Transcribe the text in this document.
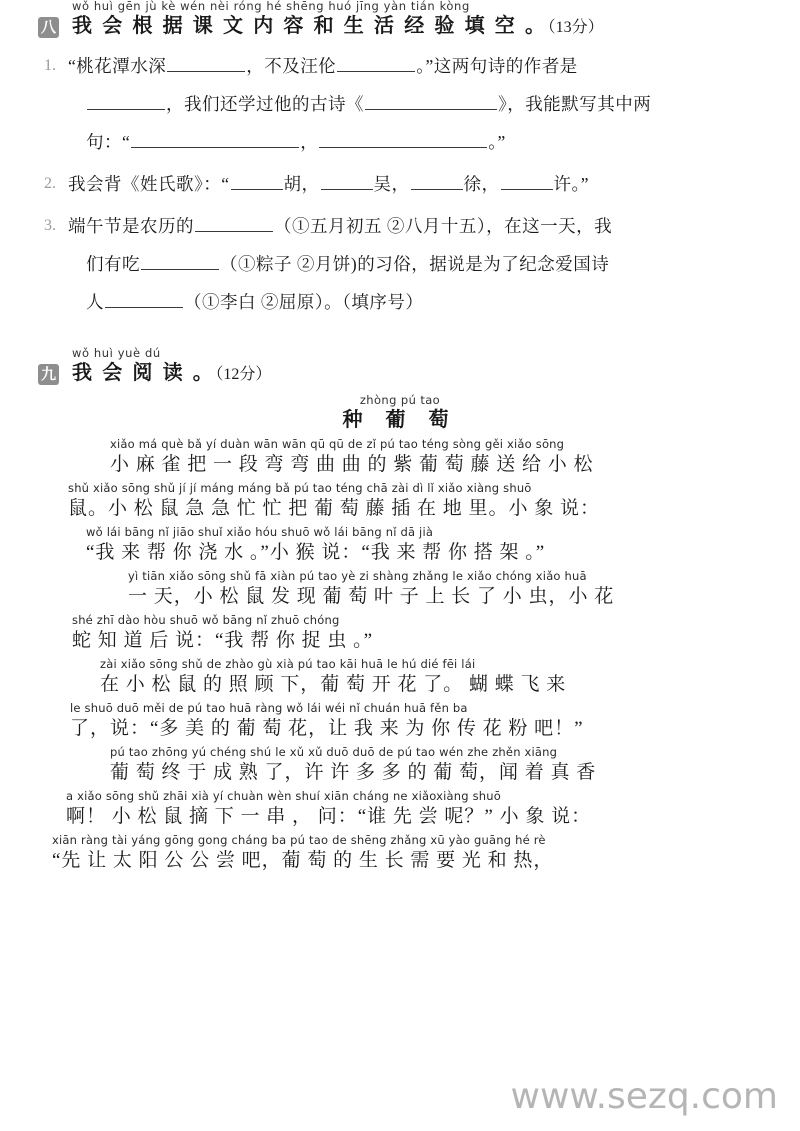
八
wǒ huì gēn jù kè wén nèi róng hé shēng huó jīng yàn tián kòng
我 会 根 据 课 文 内 容 和 生 活 经 验 填 空 。（13分）
1. “桃花潭水深	，不及汪伦	。”这两句诗的作者是
，我们还学过他的古诗《	》，我能默写其中两
句：“	，	。”
2. 我会背《姓氏歌》：“	胡，	吴，	徐，	许。”
3. 端午节是农历的	（①五月初五 ②八月十五），在这一天，我
们有吃	（①粽子 ②月饼)的习俗，据说是为了纪念爱国诗
人	（①李白 ②屈原）。（填序号）
九
wǒ huì yuè dú
我 会 阅 读 。（12分）
zhòng pú tao
种 葡 萄
xiǎo má què bǎ yí duàn wān wān qū qū de zǐ pú tao téng sòng gěi xiǎo sōng
小 麻 雀 把 一 段 弯 弯 曲 曲 的 紫 葡 萄 藤 送 给 小 松
shǔ xiǎo sōng shǔ jí jí máng máng bǎ pú tao téng chā zài dì lǐ xiǎo xiàng shuō
鼠。小 松 鼠 急 急 忙 忙 把 葡 萄 藤 插 在 地 里。小 象 说：
wǒ lái bāng nǐ jiāo shuǐ xiǎo hóu shuō wǒ lái bāng nǐ dā jià
“我 来 帮 你 浇 水 。”小 猴 说：“我 来 帮 你 搭 架 。”
yì tiān xiǎo sōng shǔ fā xiàn pú tao yè zi shàng zhǎng le xiǎo chóng xiǎo huā
一 天，小 松 鼠 发 现 葡 萄 叶 子 上 长 了 小 虫，小 花
shé zhī dào hòu shuō wǒ bāng nǐ zhuō chóng
蛇 知 道 后 说：“我 帮 你 捉 虫 。”
zài xiǎo sōng shǔ de zhào gù xià pú tao kāi huā le hú dié fēi lái
在 小 松 鼠 的 照 顾 下，葡 萄 开 花 了。 蝴 蝶 飞 来
le shuō duō měi de pú tao huā ràng wǒ lái wéi nǐ chuán huā fěn ba
了，说：“多 美 的 葡 萄 花，让 我 来 为 你 传 花 粉 吧！”
pú tao zhōng yú chéng shú le xǔ xǔ duō duō de pú tao wén zhe zhěn xiāng
葡 萄 终 于 成 熟 了，许 许 多 多 的 葡 萄，闻 着 真 香
a xiǎo sōng shǔ zhāi xià yí chuàn wèn shuí xiān cháng ne xiǎoxiàng shuō
啊！ 小 松 鼠 摘 下 一 串 ， 问：“谁 先 尝 呢？” 小 象 说：
xiān ràng tài yáng gōng gong cháng ba pú tao de shēng zhǎng xū yào guāng hé rè
“先 让 太 阳 公 公 尝 吧，葡 萄 的 生 长 需 要 光 和 热，
www.sezq.com
